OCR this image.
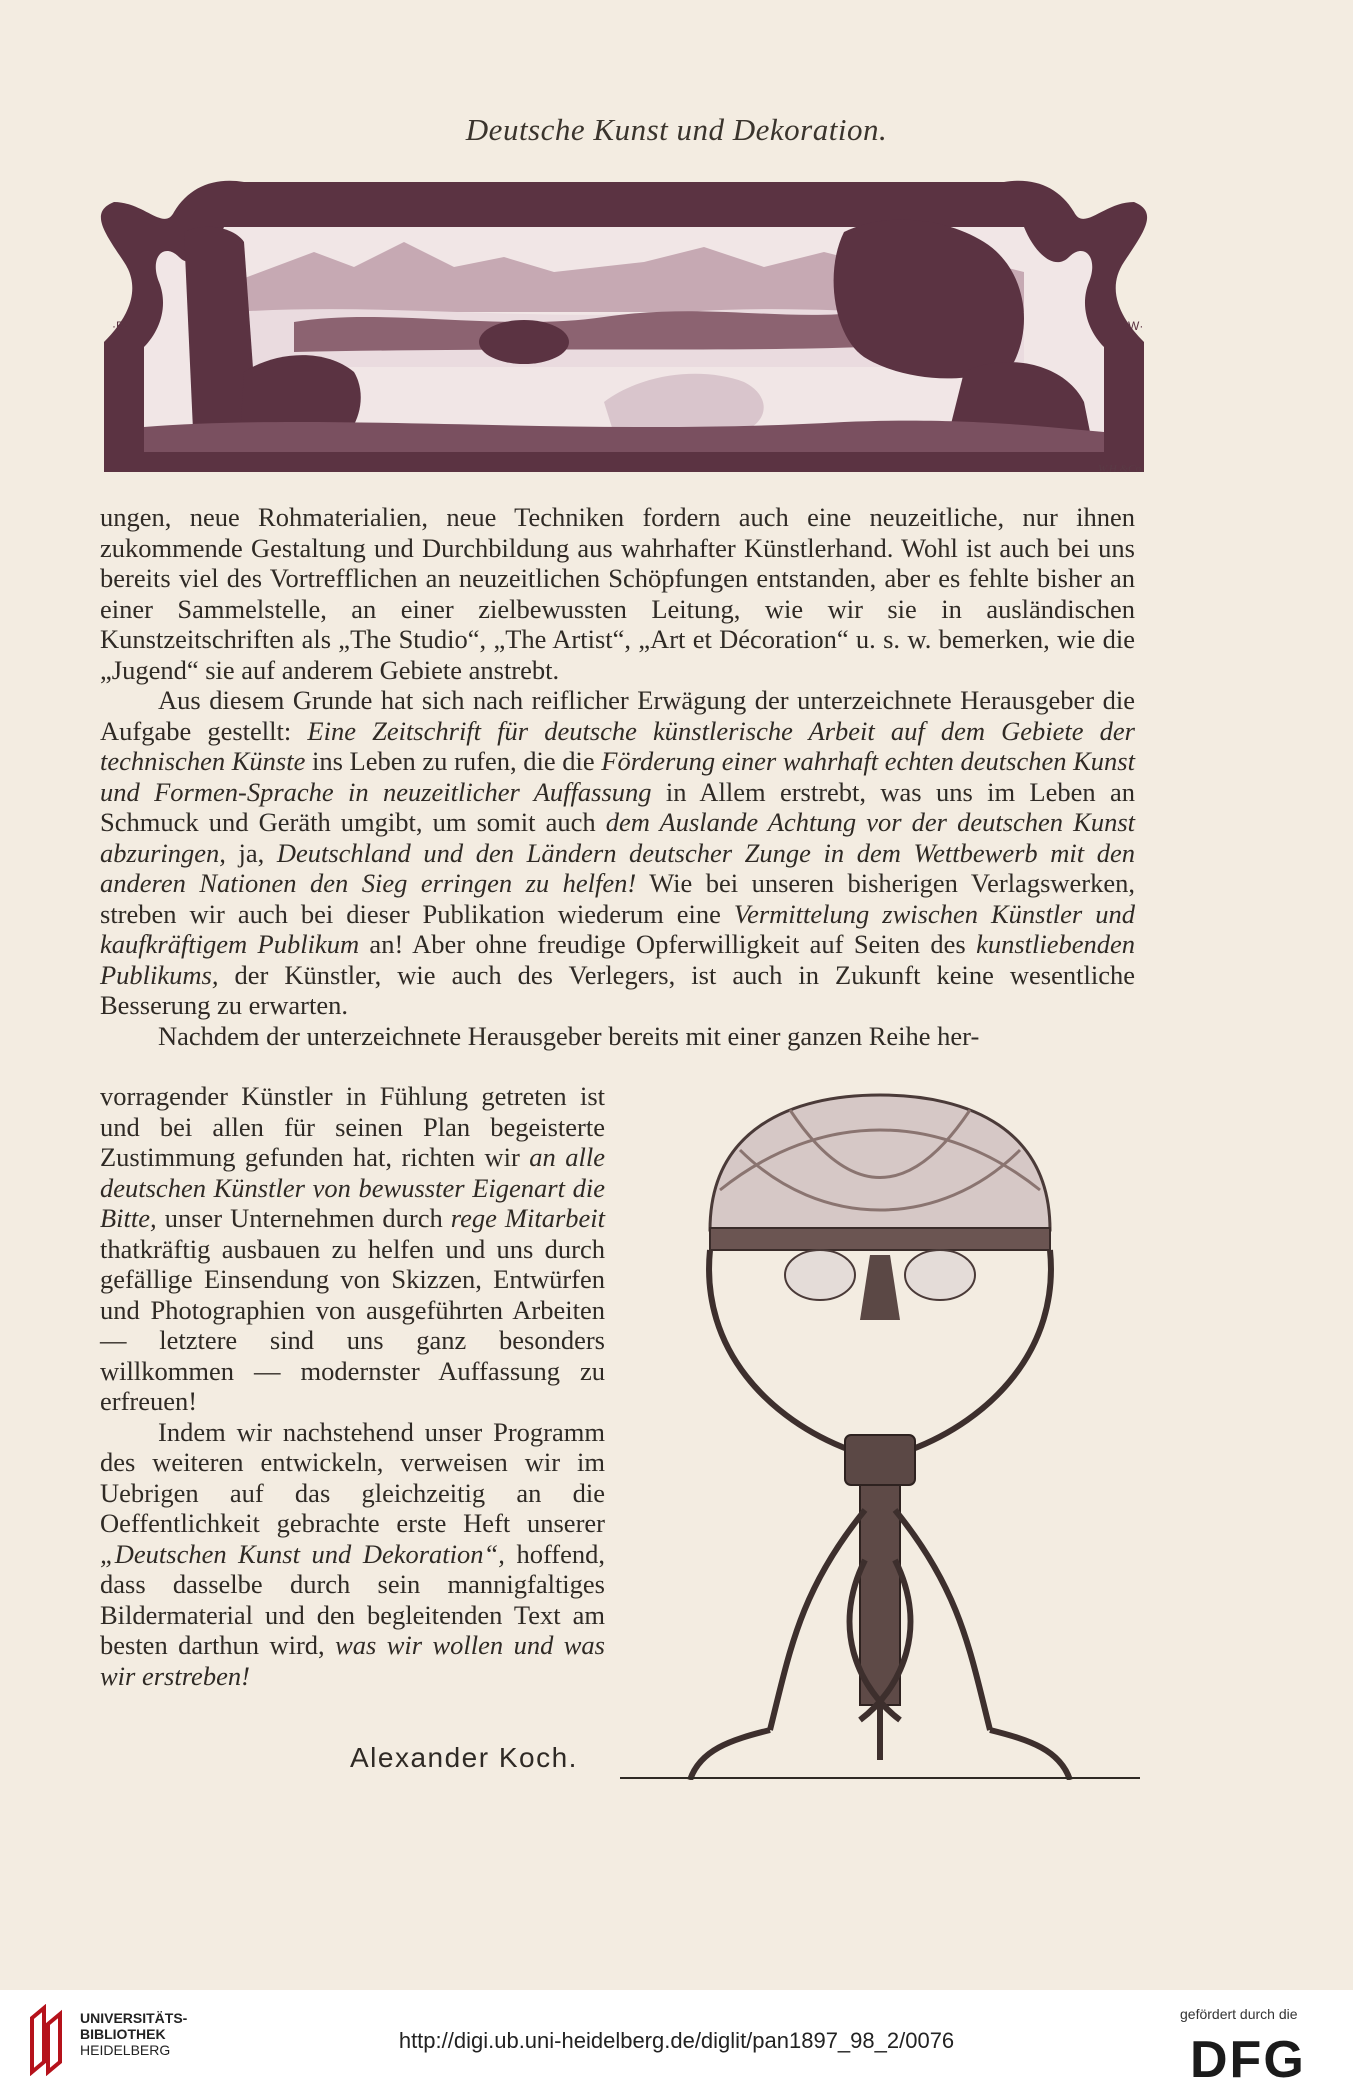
Deutsche Kunst und Dekoration.
·B·	·W·
W.H.&Co.

ungen, neue Rohmaterialien, neue Techniken fordern auch eine neuzeitliche, nur ihnen zukommende Gestaltung und Durchbildung aus wahrhafter Künstlerhand. Wohl ist auch bei uns bereits viel des Vortrefflichen an neuzeitlichen Schöpfungen entstanden, aber es fehlte bisher an einer Sammelstelle, an einer zielbewussten Leitung, wie wir sie in ausländischen Kunstzeitschriften als „The Studio“, „The Artist“, „Art et Décoration“ u. s. w. bemerken, wie die „Jugend“ sie auf anderem Gebiete anstrebt.

Aus diesem Grunde hat sich nach reiflicher Erwägung der unterzeichnete Herausgeber die Aufgabe gestellt: Eine Zeitschrift für deutsche künstlerische Arbeit auf dem Gebiete der technischen Künste ins Leben zu rufen, die die Förderung einer wahrhaft echten deutschen Kunst und Formen-Sprache in neuzeitlicher Auffassung in Allem erstrebt, was uns im Leben an Schmuck und Geräth umgibt, um somit auch dem Auslande Achtung vor der deutschen Kunst abzuringen, ja, Deutschland und den Ländern deutscher Zunge in dem Wettbewerb mit den anderen Nationen den Sieg erringen zu helfen! Wie bei unseren bisherigen Verlagswerken, streben wir auch bei dieser Publikation wiederum eine Vermittelung zwischen Künstler und kaufkräftigem Publikum an! Aber ohne freudige Opferwilligkeit auf Seiten des kunstliebenden Publikums, der Künstler, wie auch des Verlegers, ist auch in Zukunft keine wesentliche Besserung zu erwarten.

Nachdem der unterzeichnete Herausgeber bereits mit einer ganzen Reihe her-

vorragender Künstler in Fühlung getreten ist und bei allen für seinen Plan begeisterte Zustimmung gefunden hat, richten wir an alle deutschen Künstler von bewusster Eigenart die Bitte, unser Unternehmen durch rege Mitarbeit thatkräftig ausbauen zu helfen und uns durch gefällige Einsendung von Skizzen, Entwürfen und Photographien von ausgeführten Arbeiten — letztere sind uns ganz besonders willkommen — modernster Auffassung zu erfreuen!

Indem wir nachstehend unser Programm des weiteren entwickeln, verweisen wir im Uebrigen auf das gleichzeitig an die Oeffentlichkeit gebrachte erste Heft unserer „Deutschen Kunst und Dekoration“, hoffend, dass dasselbe durch sein mannigfaltiges Bildermaterial und den begleitenden Text am besten darthun wird, was wir wollen und was wir erstreben!

Alexander Koch.
UNIVERSITÄTS-
BIBLIOTHEK
HEIDELBERG	http://digi.ub.uni-heidelberg.de/diglit/pan1897_98_2/0076
gefördert durch die
DFG
